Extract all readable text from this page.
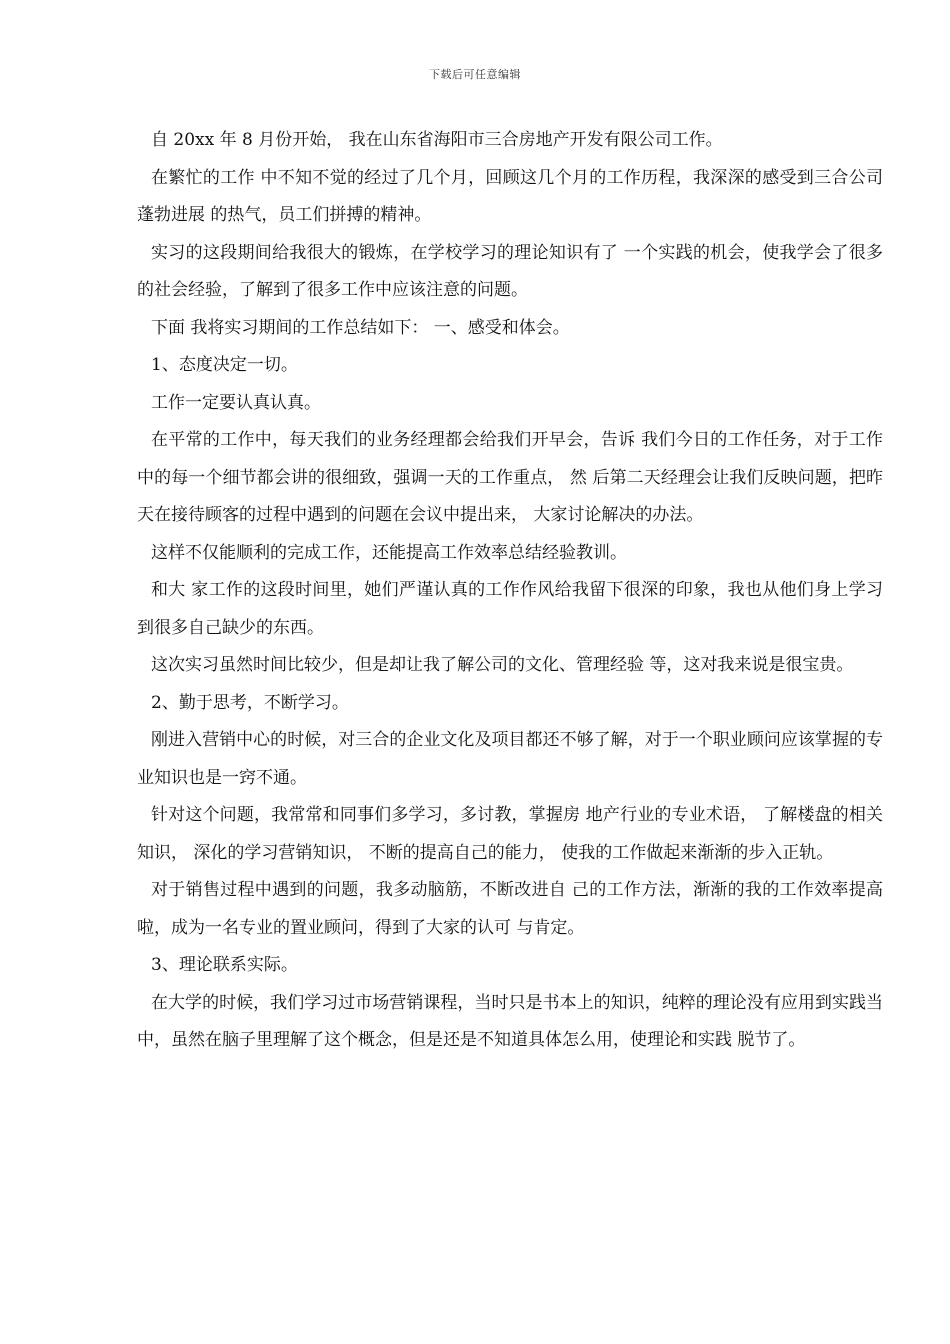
下载后可任意编辑

自 20xx 年 8 月份开始， 我在山东省海阳市三合房地产开发有限公司工作。

在繁忙的工作 中不知不觉的经过了几个月，回顾这几个月的工作历程，我深深的感受到三合公司蓬勃进展 的热气，员工们拼搏的精神。

实习的这段期间给我很大的锻炼，在学校学习的理论知识有了 一个实践的机会，使我学会了很多的社会经验，了解到了很多工作中应该注意的问题。

下面 我将实习期间的工作总结如下： 一、感受和体会。

1、态度决定一切。

工作一定要认真认真。

在平常的工作中，每天我们的业务经理都会给我们开早会，告诉 我们今日的工作任务，对于工作中的每一个细节都会讲的很细致，强调一天的工作重点， 然 后第二天经理会让我们反映问题，把昨天在接待顾客的过程中遇到的问题在会议中提出来， 大家讨论解决的办法。

这样不仅能顺利的完成工作，还能提高工作效率总结经验教训。

和大 家工作的这段时间里，她们严谨认真的工作作风给我留下很深的印象，我也从他们身上学习 到很多自己缺少的东西。

这次实习虽然时间比较少，但是却让我了解公司的文化、管理经验 等，这对我来说是很宝贵。

2、勤于思考，不断学习。

刚进入营销中心的时候，对三合的企业文化及项目都还不够了解，对于一个职业顾问应该掌握的专业知识也是一窍不通。

针对这个问题，我常常和同事们多学习，多讨教，掌握房 地产行业的专业术语， 了解楼盘的相关知识， 深化的学习营销知识， 不断的提高自己的能力， 使我的工作做起来渐渐的步入正轨。

对于销售过程中遇到的问题，我多动脑筋，不断改进自 己的工作方法，渐渐的我的工作效率提高啦，成为一名专业的置业顾问，得到了大家的认可 与肯定。

3、理论联系实际。

在大学的时候，我们学习过市场营销课程，当时只是书本上的知识，纯粹的理论没有应用到实践当中，虽然在脑子里理解了这个概念，但是还是不知道具体怎么用，使理论和实践 脱节了。
